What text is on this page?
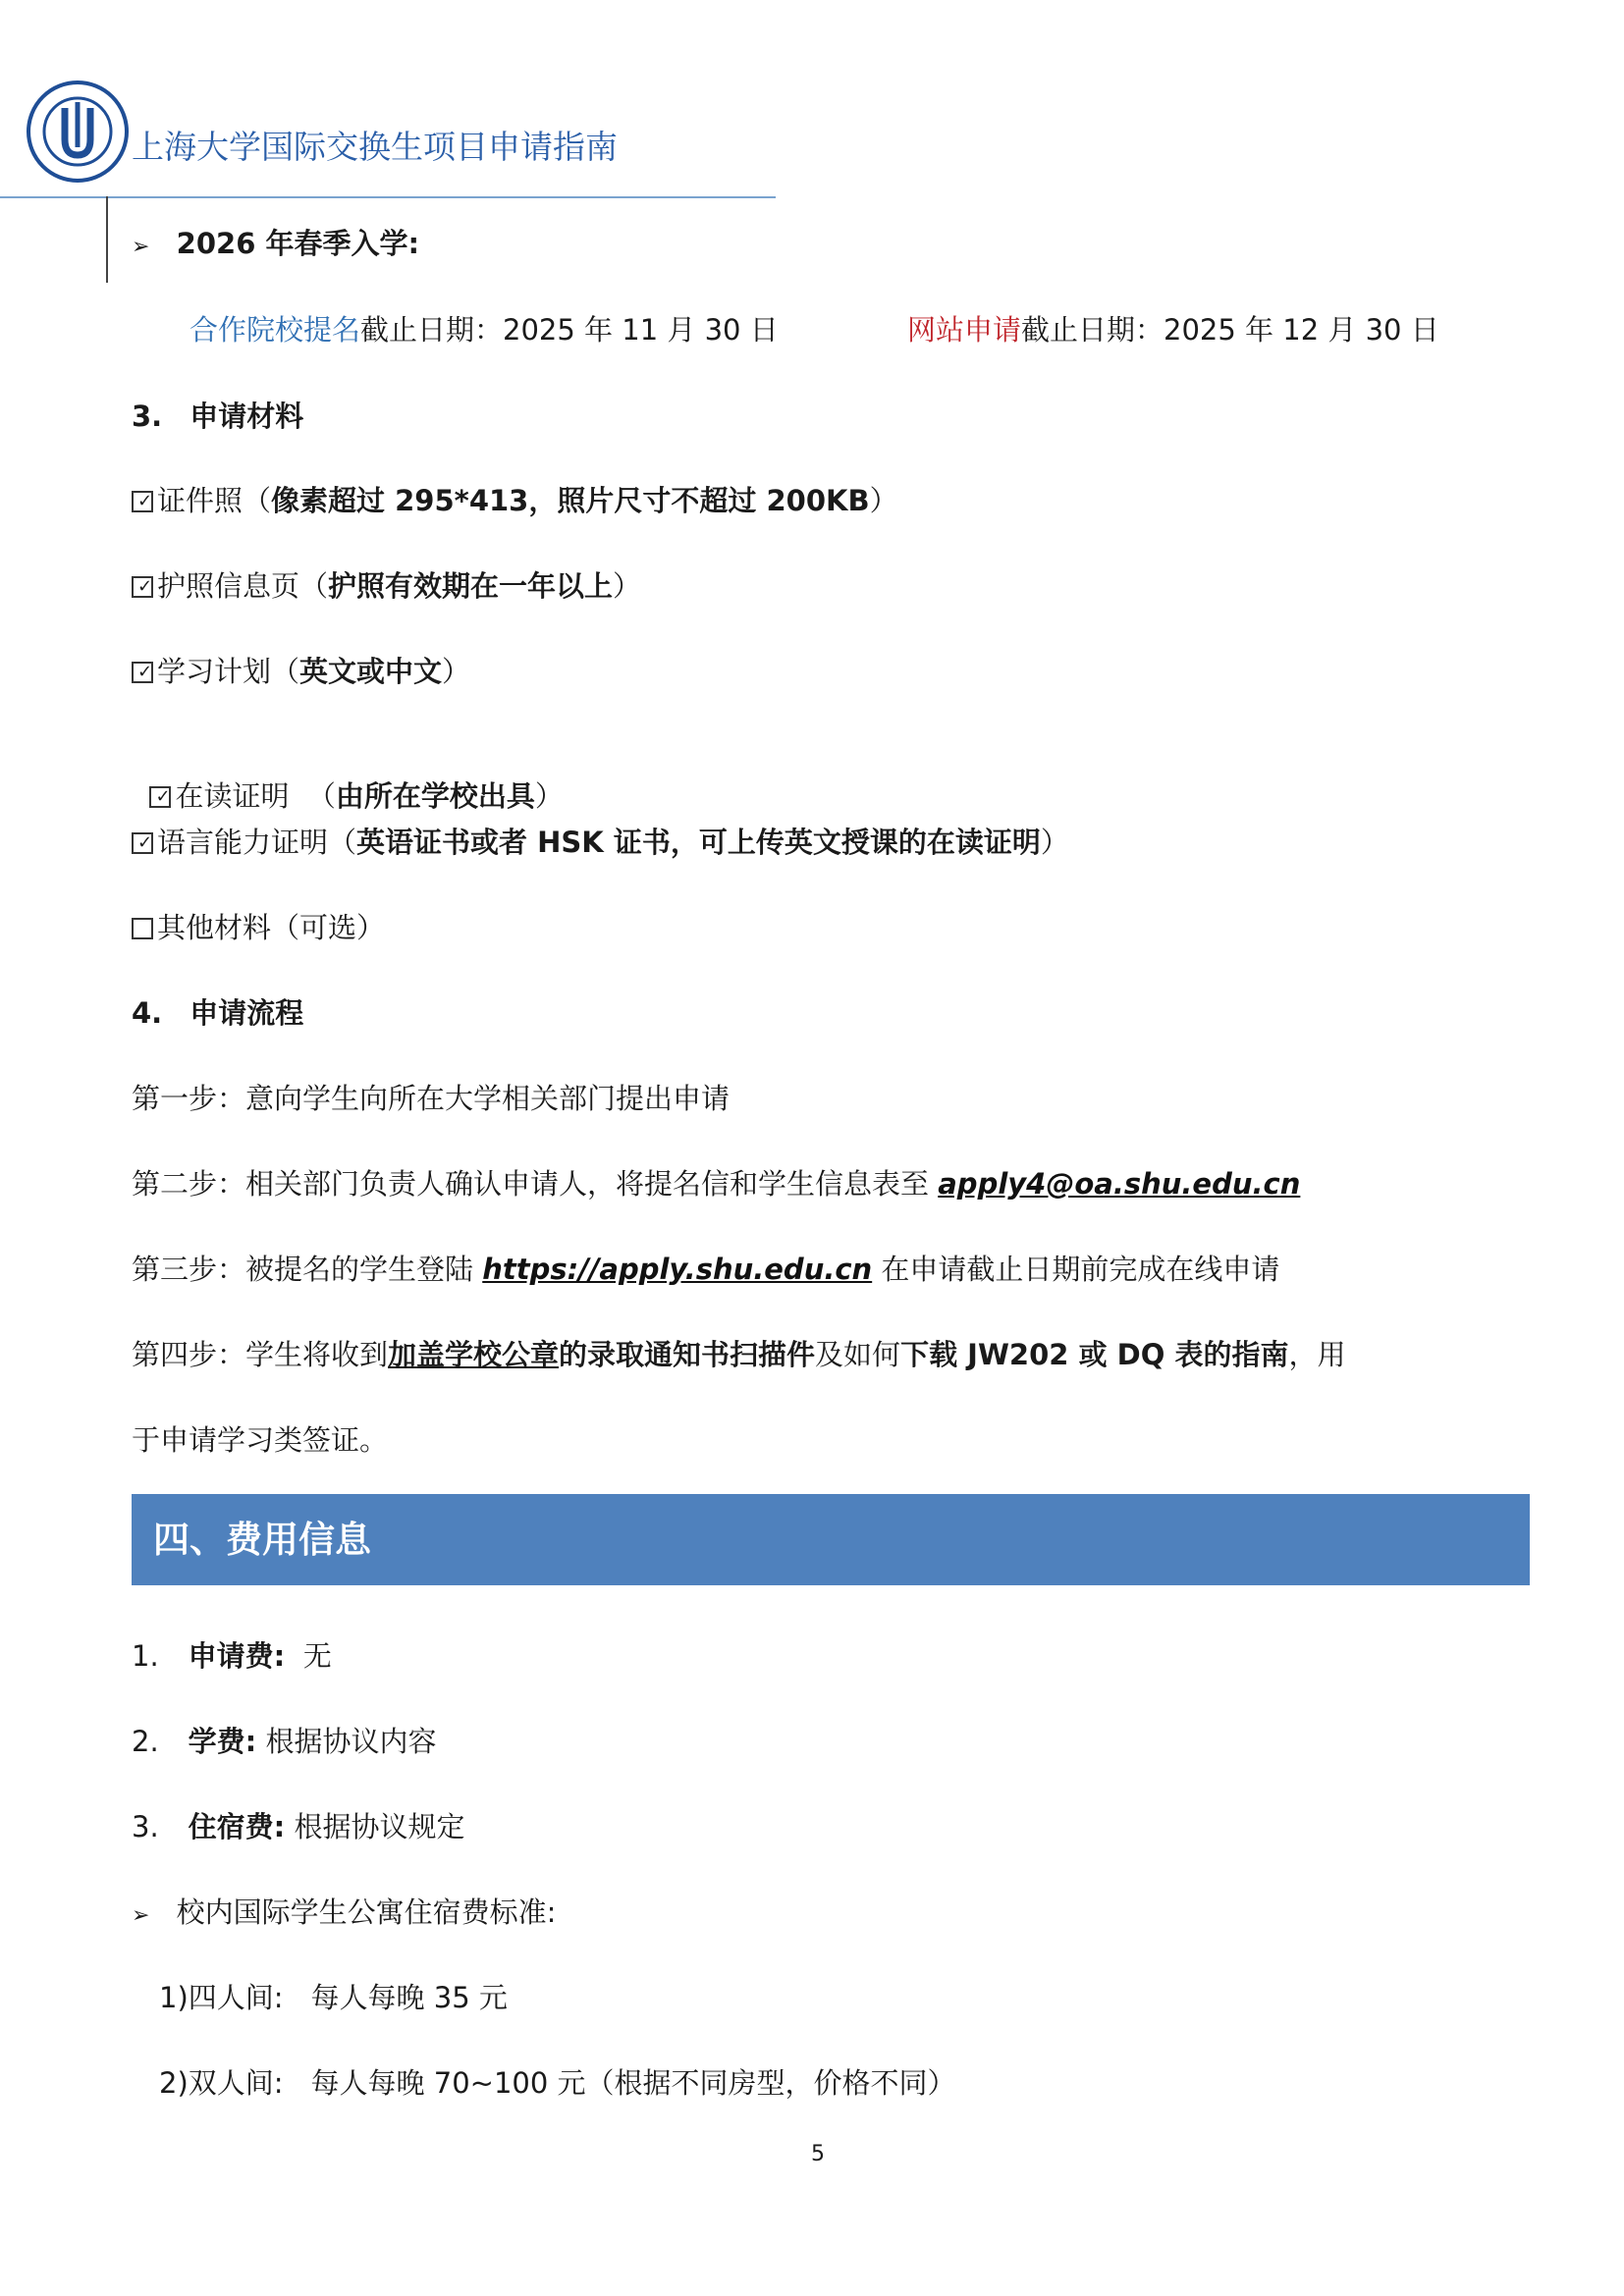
上海大学国际交换生项目申请指南
➢ 2026 年春季入学:
合作院校提名截止日期：2025 年 11 月 30 日	网站申请截止日期：2025 年 12 月 30 日
3. 申请材料
✓ 证件照（像素超过 295*413，照片尺寸不超过 200KB）
✓ 护照信息页（护照有效期在一年以上）
✓ 学习计划（英文或中文）

✓ 在读证明  （由所在学校出具）

✓ 语言能力证明（英语证书或者 HSK 证书，可上传英文授课的在读证明）
其他材料（可选）
4. 申请流程
第一步：意向学生向所在大学相关部门提出申请
第二步：相关部门负责人确认申请人，将提名信和学生信息表至 apply4@oa.shu.edu.cn
第三步：被提名的学生登陆 https://apply.shu.edu.cn 在申请截止日期前完成在线申请
第四步：学生将收到加盖学校公章的录取通知书扫描件及如何下载 JW202 或 DQ 表的指南，用
于申请学习类签证。
四、费用信息
1. 申请费:  无
2. 学费: 根据协议内容
3. 住宿费: 根据协议规定
➢ 校内国际学生公寓住宿费标准:
1)四人间: 每人每晚 35 元
2)双人间: 每人每晚 70~100 元（根据不同房型，价格不同）
5
